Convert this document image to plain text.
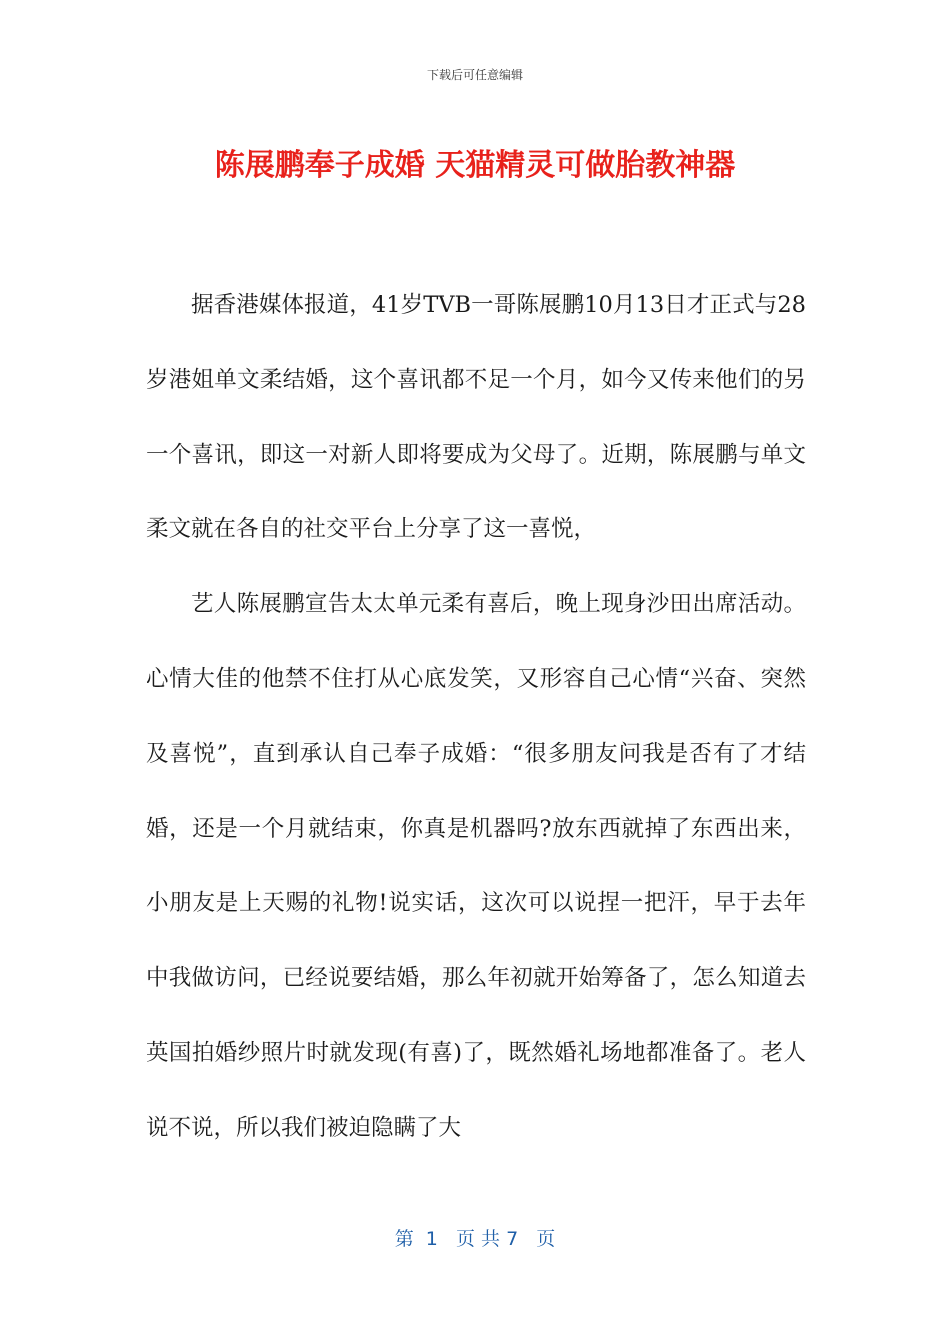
下载后可任意编辑
陈展鹏奉子成婚 天猫精灵可做胎教神器

据香港媒体报道，41岁TVB一哥陈展鹏10月13日才正式与28岁港姐单文柔结婚，这个喜讯都不足一个月，如今又传来他们的另一个喜讯，即这一对新人即将要成为父母了。近期，陈展鹏与单文柔文就在各自的社交平台上分享了这一喜悦，

艺人陈展鹏宣告太太单元柔有喜后，晚上现身沙田出席活动。心情大佳的他禁不住打从心底发笑，又形容自己心情“兴奋、突然及喜悦”，直到承认自己奉子成婚：“很多朋友问我是否有了才结婚，还是一个月就结束，你真是机器吗?放东西就掉了东西出来，小朋友是上天赐的礼物!说实话，这次可以说捏一把汗，早于去年中我做访问，已经说要结婚，那么年初就开始筹备了，怎么知道去英国拍婚纱照片时就发现(有喜)了，既然婚礼场地都准备了。老人说不说，所以我们被迫隐瞒了大

第  1   页 共 7   页
